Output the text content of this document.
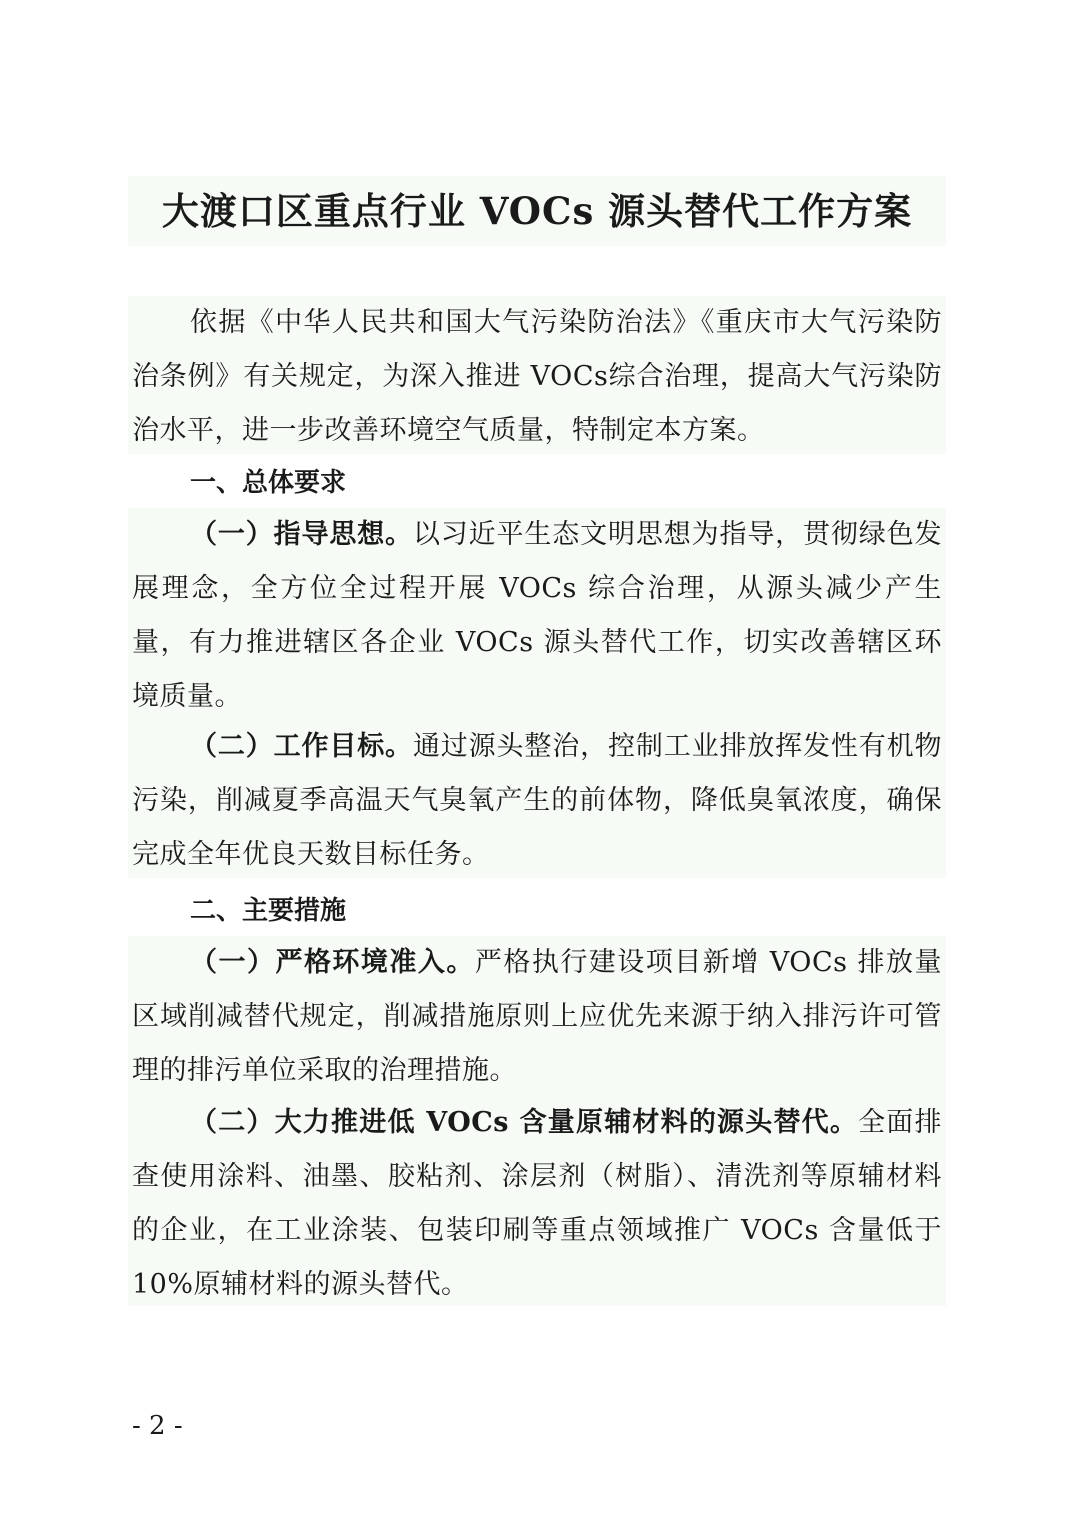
大渡口区重点行业 VOCs 源头替代工作方案

依据《中华人民共和国大气污染防治法》《重庆市大气污染防治条例》有关规定，为深入推进 VOCs综合治理，提高大气污染防治水平，进一步改善环境空气质量，特制定本方案。

一、总体要求

（一）指导思想。以习近平生态文明思想为指导，贯彻绿色发展理念，全方位全过程开展 VOCs 综合治理，从源头减少产生量，有力推进辖区各企业 VOCs 源头替代工作，切实改善辖区环境质量。

（二）工作目标。通过源头整治，控制工业排放挥发性有机物污染，削减夏季高温天气臭氧产生的前体物，降低臭氧浓度，确保完成全年优良天数目标任务。

二、主要措施

（一）严格环境准入。严格执行建设项目新增 VOCs 排放量区域削减替代规定，削减措施原则上应优先来源于纳入排污许可管理的排污单位采取的治理措施。

（二）大力推进低 VOCs 含量原辅材料的源头替代。全面排查使用涂料、油墨、胶粘剂、涂层剂（树脂）、清洗剂等原辅材料的企业，在工业涂装、包装印刷等重点领域推广 VOCs 含量低于 10%原辅材料的源头替代。

- 2 -
